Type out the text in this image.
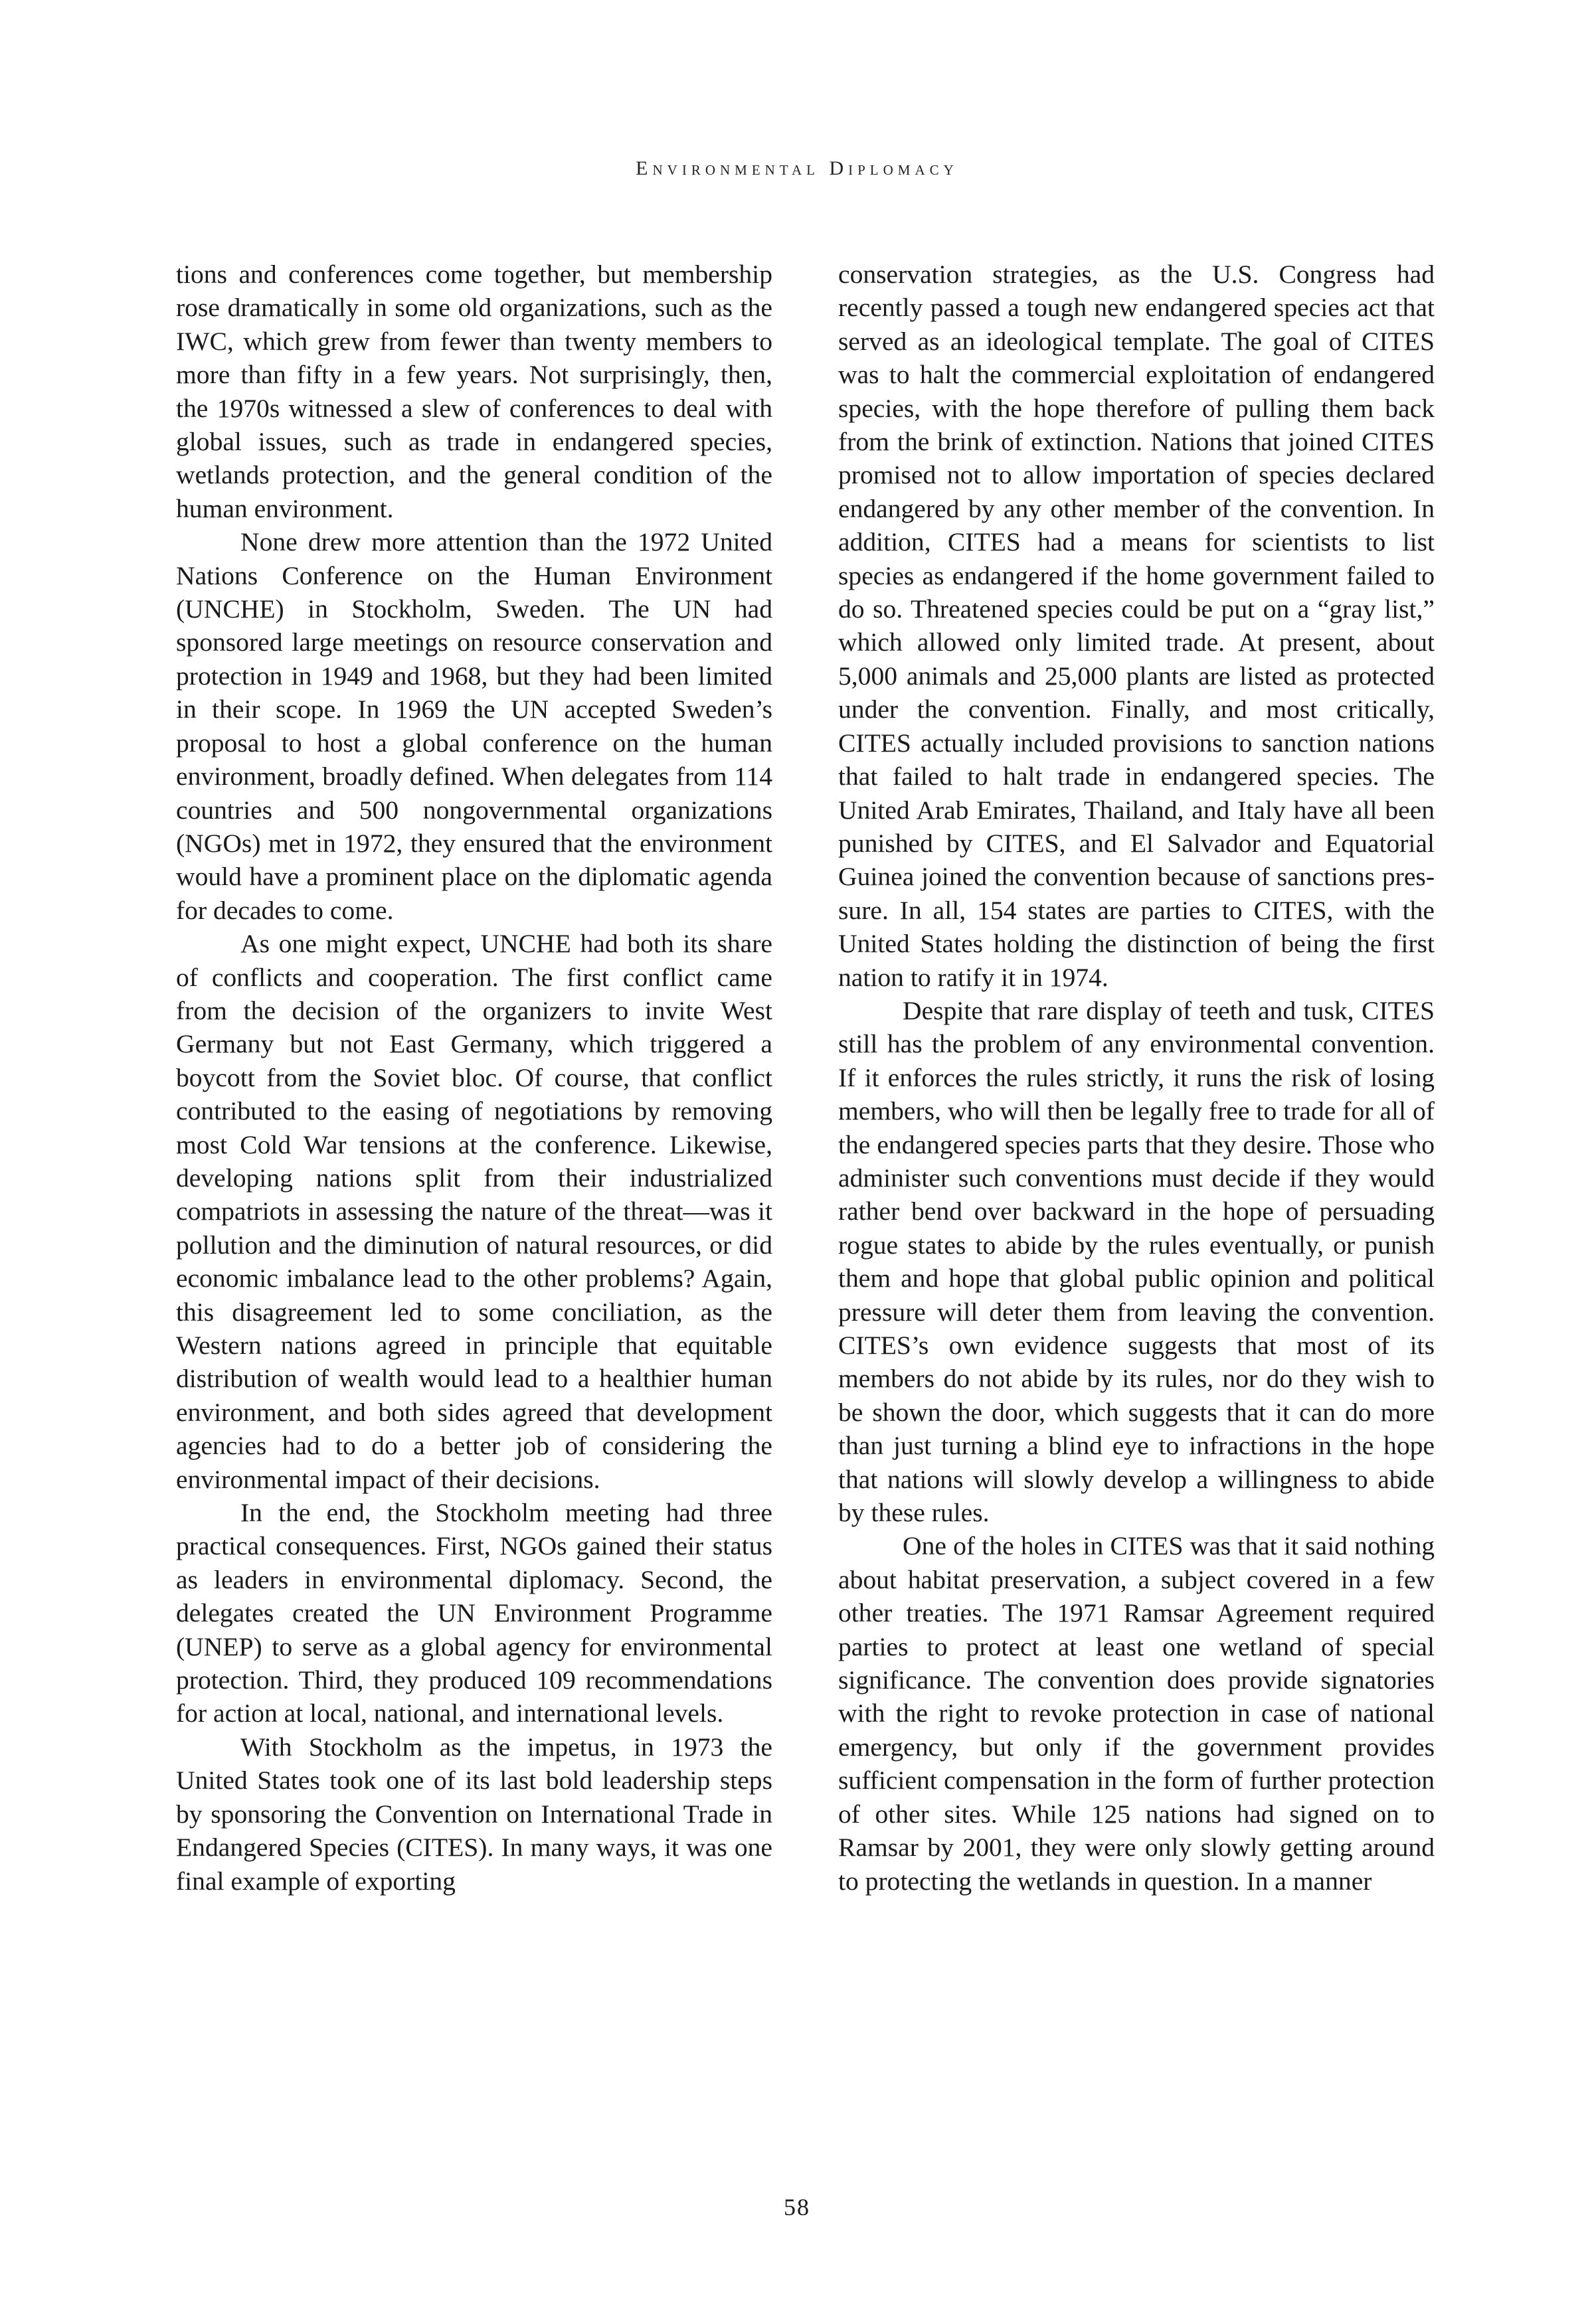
Environmental Diplomacy

tions and conferences come together, but membership rose dramatically in some old organizations, such as the IWC, which grew from fewer than twenty members to more than fifty in a few years. Not surprisingly, then, the 1970s witnessed a slew of conferences to deal with global issues, such as trade in endangered species, wetlands protection, and the general condition of the human environment.

None drew more attention than the 1972 United Nations Conference on the Human Environment (UNCHE) in Stockholm, Sweden. The UN had sponsored large meetings on resource conservation and protection in 1949 and 1968, but they had been limited in their scope. In 1969 the UN accepted Sweden’s proposal to host a global conference on the human environment, broadly defined. When delegates from 114 countries and 500 nongovernmental organizations (NGOs) met in 1972, they ensured that the environment would have a prominent place on the diplomatic agenda for decades to come.

As one might expect, UNCHE had both its share of conflicts and cooperation. The first conflict came from the decision of the organizers to invite West Germany but not East Germany, which triggered a boycott from the Soviet bloc. Of course, that conflict contributed to the easing of negotiations by removing most Cold War tensions at the conference. Likewise, developing nations split from their industrialized compatriots in assessing the nature of the threat—was it pollution and the diminution of natural resources, or did economic imbalance lead to the other problems? Again, this disagreement led to some conciliation, as the Western nations agreed in principle that equitable distribution of wealth would lead to a healthier human environment, and both sides agreed that development agencies had to do a better job of considering the environmental impact of their decisions.

In the end, the Stockholm meeting had three practical consequences. First, NGOs gained their status as leaders in environmental diplomacy. Second, the delegates created the UN Environment Programme (UNEP) to serve as a global agency for environmental protection. Third, they produced 109 recommendations for action at local, national, and international levels.

With Stockholm as the impetus, in 1973 the United States took one of its last bold leadership steps by sponsoring the Convention on International Trade in Endangered Species (CITES). In many ways, it was one final example of exporting

conservation strategies, as the U.S. Congress had recently passed a tough new endangered species act that served as an ideological template. The goal of CITES was to halt the commercial exploitation of endangered species, with the hope therefore of pulling them back from the brink of extinction. Nations that joined CITES promised not to allow importation of species declared endangered by any other member of the convention. In addition, CITES had a means for scientists to list species as endangered if the home government failed to do so. Threatened species could be put on a “gray list,” which allowed only limited trade. At present, about 5,000 animals and 25,000 plants are listed as protected under the convention. Finally, and most critically, CITES actually included provisions to sanction nations that failed to halt trade in endangered species. The United Arab Emirates, Thailand, and Italy have all been punished by CITES, and El Salvador and Equatorial Guinea joined the convention because of sanctions pressure. In all, 154 states are parties to CITES, with the United States holding the distinction of being the first nation to ratify it in 1974.

Despite that rare display of teeth and tusk, CITES still has the problem of any environmental convention. If it enforces the rules strictly, it runs the risk of losing members, who will then be legally free to trade for all of the endangered species parts that they desire. Those who administer such conventions must decide if they would rather bend over backward in the hope of persuading rogue states to abide by the rules eventually, or punish them and hope that global public opinion and political pressure will deter them from leaving the convention. CITES’s own evidence suggests that most of its members do not abide by its rules, nor do they wish to be shown the door, which suggests that it can do more than just turning a blind eye to infractions in the hope that nations will slowly develop a willingness to abide by these rules.

One of the holes in CITES was that it said nothing about habitat preservation, a subject covered in a few other treaties. The 1971 Ramsar Agreement required parties to protect at least one wetland of special significance. The convention does provide signatories with the right to revoke protection in case of national emergency, but only if the government provides sufficient compensation in the form of further protection of other sites. While 125 nations had signed on to Ramsar by 2001, they were only slowly getting around to protecting the wetlands in question. In a manner

58
